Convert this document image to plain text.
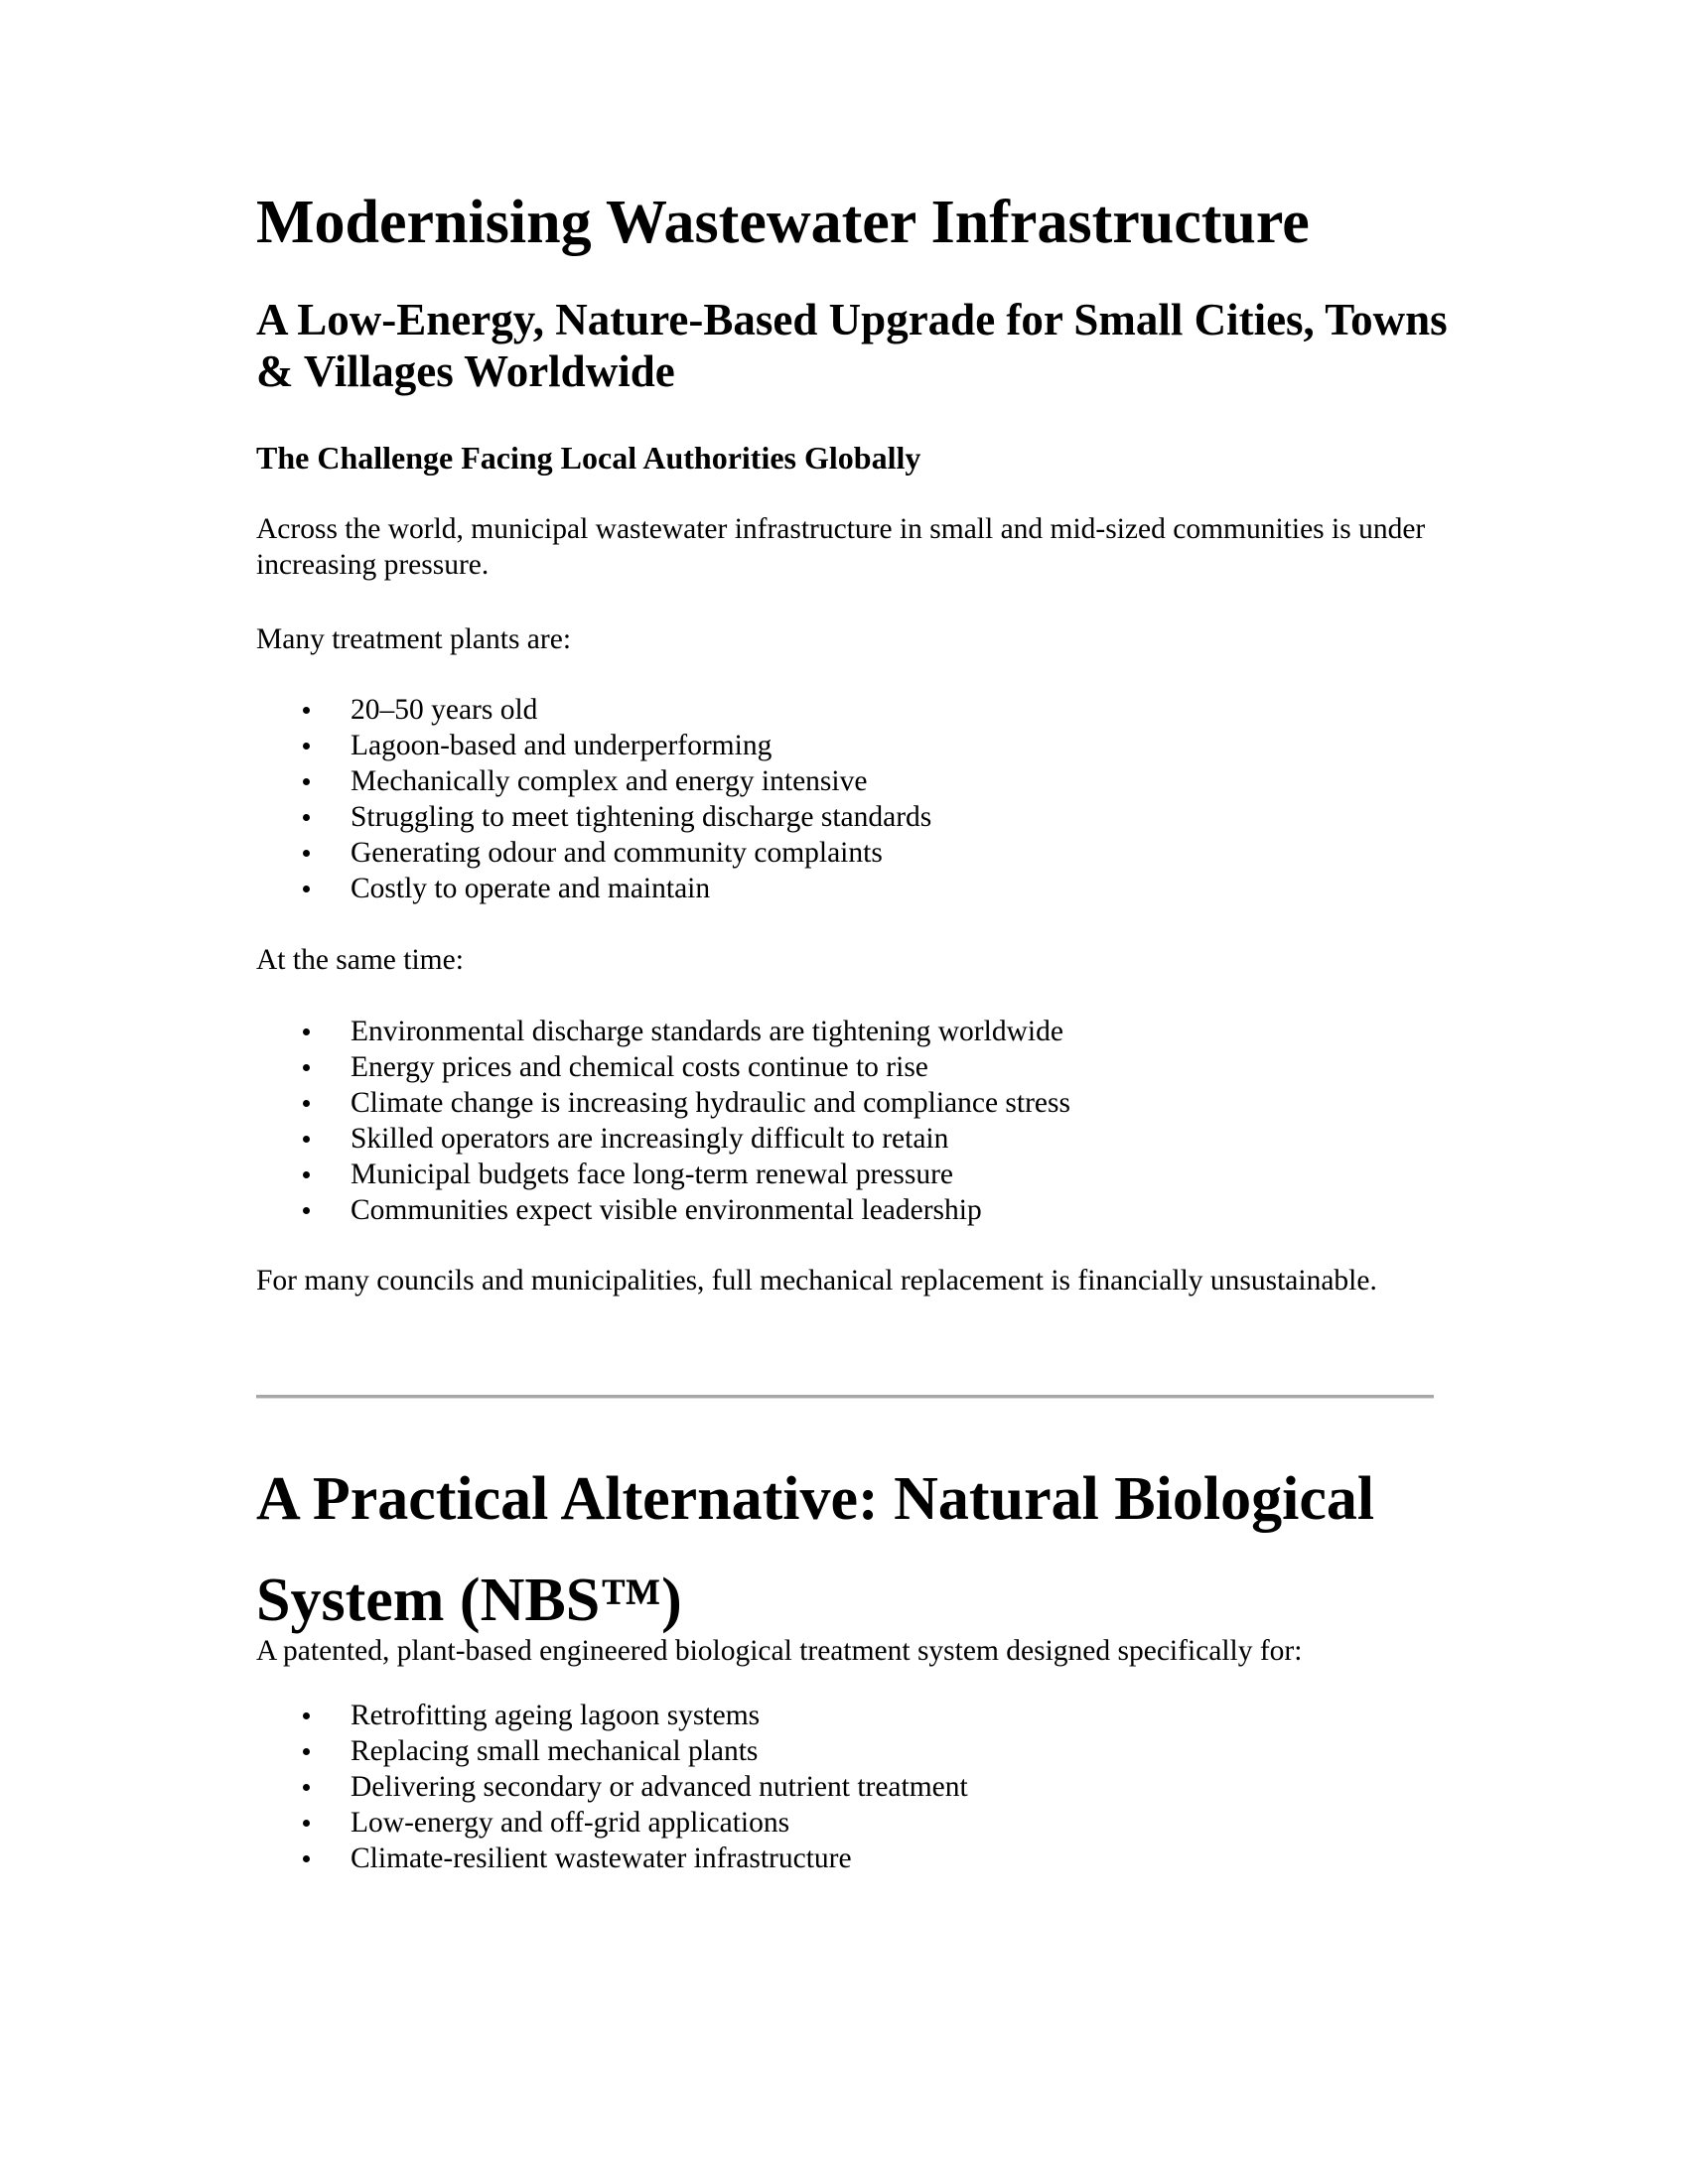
Modernising Wastewater Infrastructure
A Low-Energy, Nature-Based Upgrade for Small Cities, Towns & Villages Worldwide
The Challenge Facing Local Authorities Globally

Across the world, municipal wastewater infrastructure in small and mid-sized communities is under increasing pressure.

Many treatment plants are:

20–50 years old
Lagoon-based and underperforming
Mechanically complex and energy intensive
Struggling to meet tightening discharge standards
Generating odour and community complaints
Costly to operate and maintain

At the same time:

Environmental discharge standards are tightening worldwide
Energy prices and chemical costs continue to rise
Climate change is increasing hydraulic and compliance stress
Skilled operators are increasingly difficult to retain
Municipal budgets face long-term renewal pressure
Communities expect visible environmental leadership

For many councils and municipalities, full mechanical replacement is financially unsustainable.

A Practical Alternative: Natural Biological System (NBS™)

A patented, plant-based engineered biological treatment system designed specifically for:

Retrofitting ageing lagoon systems
Replacing small mechanical plants
Delivering secondary or advanced nutrient treatment
Low-energy and off-grid applications
Climate-resilient wastewater infrastructure
